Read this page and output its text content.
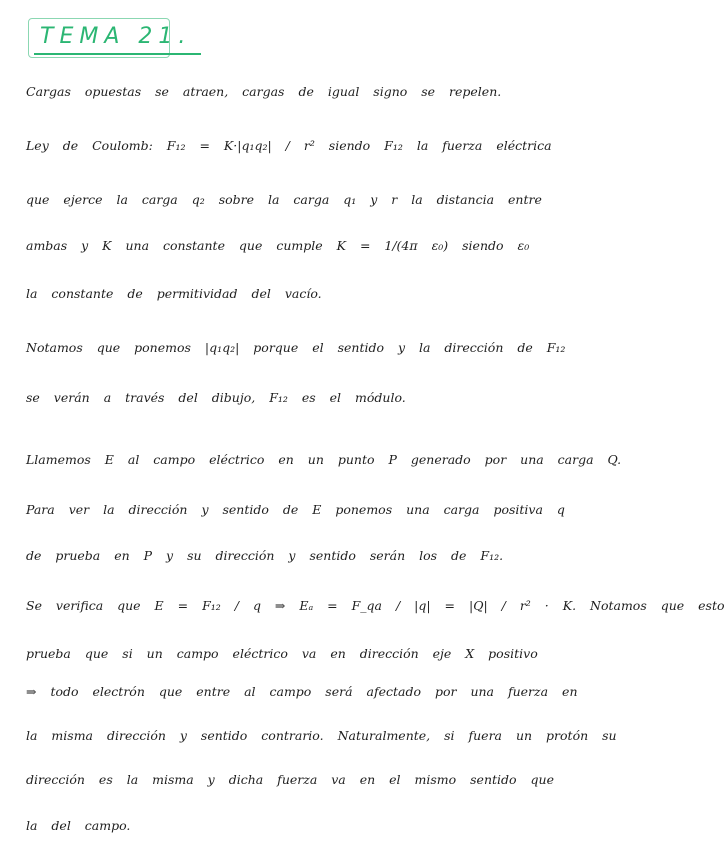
TEMA 21.
Cargas opuestas se atraen, cargas de igual signo se repelen.
Ley de Coulomb: F₁₂ = K·|q₁q₂| / r² siendo F₁₂ la fuerza eléctrica
que ejerce la carga q₂ sobre la carga q₁ y r la distancia entre
ambas y K una constante que cumple K = 1/(4π ε₀) siendo ε₀
la constante de permitividad del vacío.
Notamos que ponemos |q₁q₂| porque el sentido y la dirección de F₁₂
se verán a través del dibujo, F₁₂ es el módulo.
Llamemos E al campo eléctrico en un punto P generado por una carga Q.
Para ver la dirección y sentido de E ponemos una carga positiva q
de prueba en P y su dirección y sentido serán los de F₁₂.
Se verifica que E = F₁₂ / q ⇒ Eₐ = F_qa / |q| = |Q| / r² · K. Notamos que esto
prueba que si un campo eléctrico va en dirección eje X positivo
⇒ todo electrón que entre al campo será afectado por una fuerza en
la misma dirección y sentido contrario. Naturalmente, si fuera un protón su
dirección es la misma y dicha fuerza va en el mismo sentido que
la del campo.
